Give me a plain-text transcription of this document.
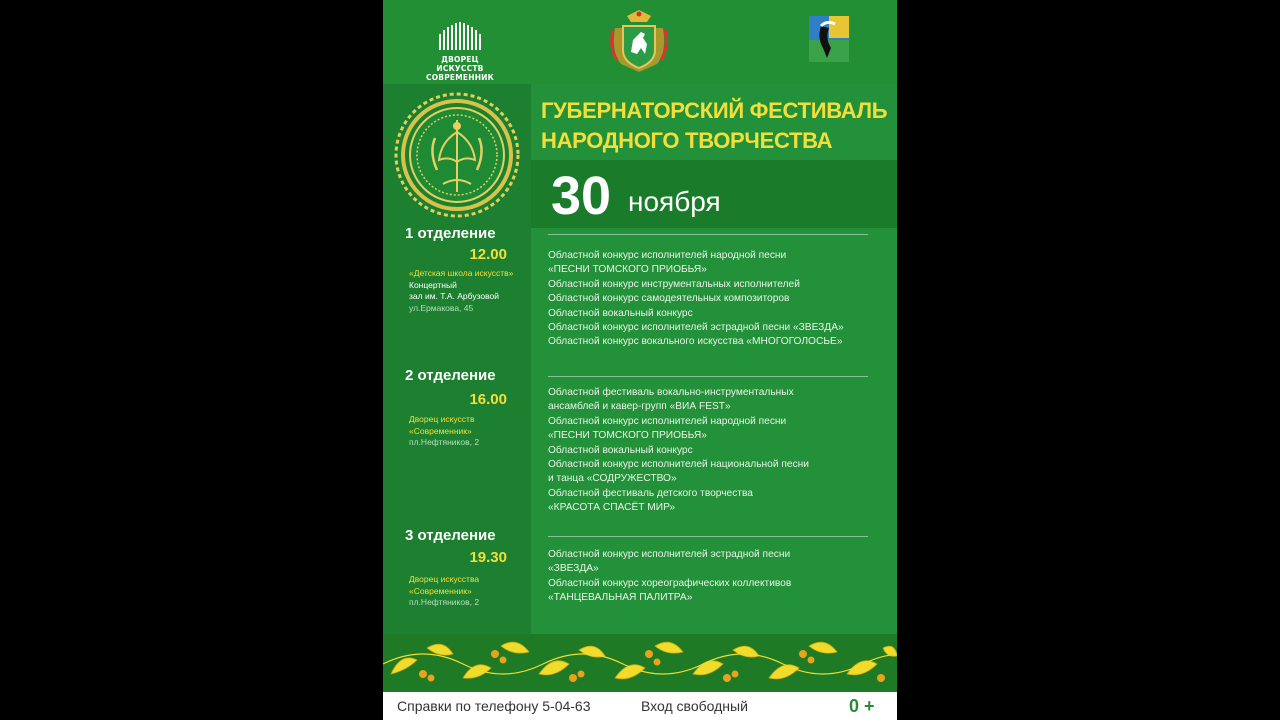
ДВОРЕЦ ИСКУССТВ СОВРЕМЕННИК
ГУБЕРНАТОРСКИЙ ФЕСТИВАЛЬ
НАРОДНОГО ТВОРЧЕСТВА
30 ноября
1 отделение
12.00
«Детская школа искусств»
Концертный
зал им. Т.А. Арбузовой
ул.Ермакова, 45
Областной конкурс исполнителей народной песни
«ПЕСНИ ТОМСКОГО ПРИОБЬЯ»
Областной конкурс инструментальных исполнителей
Областной конкурс самодеятельных композиторов
Областной вокальный конкурс
Областной конкурс исполнителей эстрадной песни «ЗВЕЗДА»
Областной конкурс вокального искусства «МНОГОГОЛОСЬЕ»
2 отделение
16.00
Дворец искусств
«Современник»
пл.Нефтяников, 2
Областной фестиваль вокально-инструментальных
ансамблей и кавер-групп «ВИА FEST»
Областной конкурс исполнителей народной песни
«ПЕСНИ ТОМСКОГО ПРИОБЬЯ»
Областной вокальный конкурс
Областной конкурс исполнителей национальной песни
и танца «СОДРУЖЕСТВО»
Областной фестиваль детского творчества
«КРАСОТА СПАСЁТ МИР»
3 отделение
19.30
Дворец искусства
«Современник»
пл.Нефтяников, 2
Областной конкурс исполнителей эстрадной песни
«ЗВЕЗДА»
Областной конкурс хореографических коллективов
«ТАНЦЕВАЛЬНАЯ ПАЛИТРА»
Справки по телефону 5-04-63	Вход свободный	0 +
